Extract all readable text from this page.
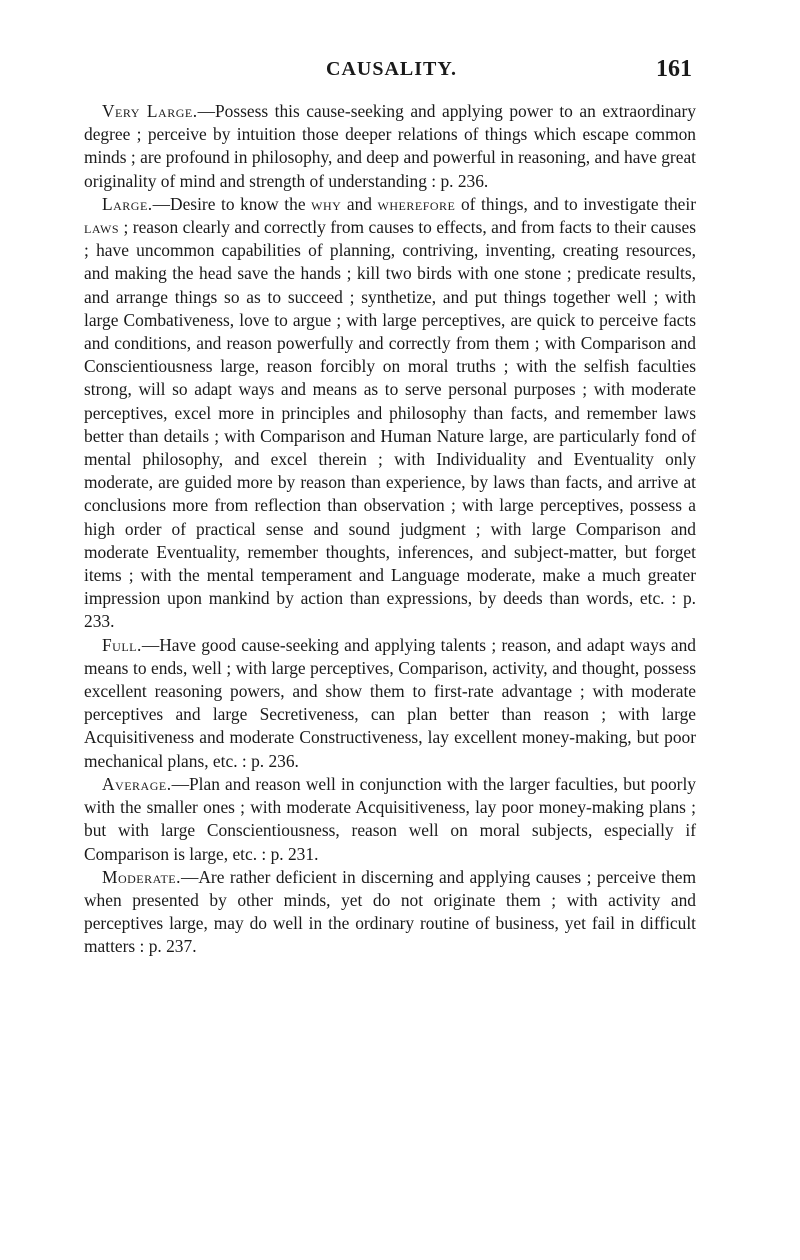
CAUSALITY.	161

Very Large.—Possess this cause-seeking and applying power to an extraordinary degree ; perceive by intuition those deeper relations of things which escape common minds ; are profound in philosophy, and deep and powerful in reasoning, and have great originality of mind and strength of understanding : p. 236.

Large.—Desire to know the why and wherefore of things, and to investigate their laws ; reason clearly and correctly from causes to effects, and from facts to their causes ; have uncommon capabilities of planning, contriving, inventing, creating resources, and making the head save the hands ; kill two birds with one stone ; predicate results, and arrange things so as to succeed ; synthetize, and put things together well ; with large Combativeness, love to argue ; with large perceptives, are quick to perceive facts and conditions, and reason powerfully and correctly from them ; with Comparison and Conscientiousness large, reason forcibly on moral truths ; with the selfish faculties strong, will so adapt ways and means as to serve personal purposes ; with moderate perceptives, excel more in principles and philosophy than facts, and remember laws better than details ; with Comparison and Human Nature large, are particularly fond of mental philosophy, and excel therein ; with Individuality and Eventuality only moderate, are guided more by reason than experience, by laws than facts, and arrive at conclusions more from reflection than observation ; with large perceptives, possess a high order of practical sense and sound judgment ; with large Comparison and moderate Eventuality, remember thoughts, inferences, and subject-matter, but forget items ; with the mental temperament and Language moderate, make a much greater impression upon mankind by action than expressions, by deeds than words, etc. : p. 233.

Full.—Have good cause-seeking and applying talents ; reason, and adapt ways and means to ends, well ; with large perceptives, Comparison, activity, and thought, possess excellent reasoning powers, and show them to first-rate advantage ; with moderate perceptives and large Secretiveness, can plan better than reason ; with large Acquisitiveness and moderate Constructiveness, lay excellent money-making, but poor mechanical plans, etc. : p. 236.

Average.—Plan and reason well in conjunction with the larger faculties, but poorly with the smaller ones ; with moderate Acquisitiveness, lay poor money-making plans ; but with large Conscientiousness, reason well on moral subjects, especially if Comparison is large, etc. : p. 231.

Moderate.—Are rather deficient in discerning and applying causes ; perceive them when presented by other minds, yet do not originate them ; with activity and perceptives large, may do well in the ordinary routine of business, yet fail in difficult matters : p. 237.
